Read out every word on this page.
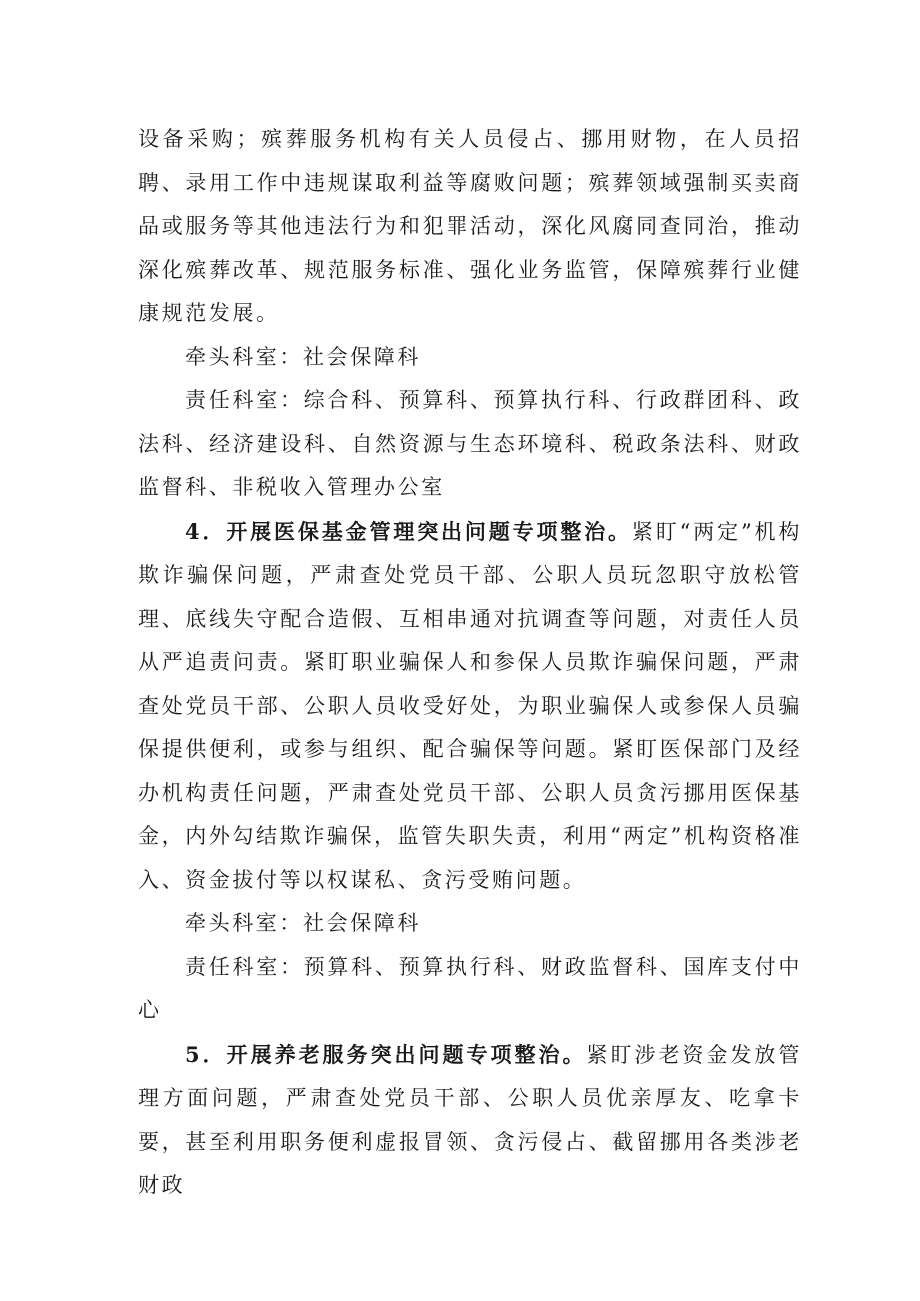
设备采购；殡葬服务机构有关人员侵占、挪用财物，在人员招聘、录用工作中违规谋取利益等腐败问题；殡葬领域强制买卖商品或服务等其他违法行为和犯罪活动，深化风腐同查同治，推动深化殡葬改革、规范服务标准、强化业务监管，保障殡葬行业健康规范发展。

牵头科室：社会保障科

责任科室：综合科、预算科、预算执行科、行政群团科、政法科、经济建设科、自然资源与生态环境科、税政条法科、财政监督科、非税收入管理办公室

4．开展医保基金管理突出问题专项整治。紧盯“两定”机构欺诈骗保问题，严肃查处党员干部、公职人员玩忽职守放松管理、底线失守配合造假、互相串通对抗调查等问题，对责任人员从严追责问责。紧盯职业骗保人和参保人员欺诈骗保问题，严肃查处党员干部、公职人员收受好处，为职业骗保人或参保人员骗保提供便利，或参与组织、配合骗保等问题。紧盯医保部门及经办机构责任问题，严肃查处党员干部、公职人员贪污挪用医保基金，内外勾结欺诈骗保，监管失职失责，利用“两定”机构资格准入、资金拔付等以权谋私、贪污受贿问题。

牵头科室：社会保障科

责任科室：预算科、预算执行科、财政监督科、国库支付中心

5．开展养老服务突出问题专项整治。紧盯涉老资金发放管理方面问题，严肃查处党员干部、公职人员优亲厚友、吃拿卡要，甚至利用职务便利虚报冒领、贪污侵占、截留挪用各类涉老财政
